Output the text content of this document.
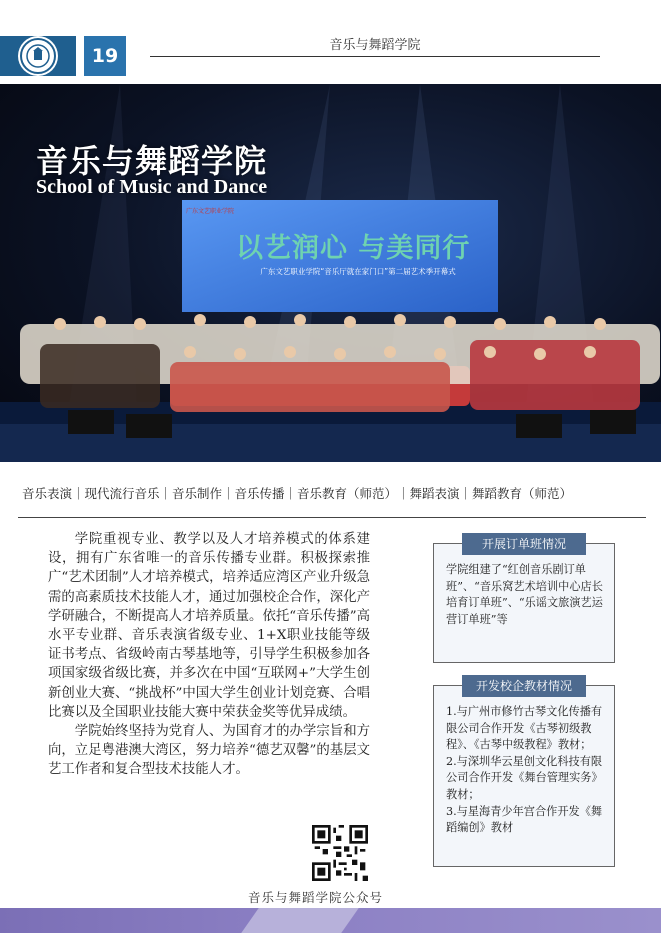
19	音乐与舞蹈学院
音乐与舞蹈学院
School of Music and Dance
广东文艺职业学院
以艺润心 与美同行
广东文艺职业学院“音乐厅就在家门口”第二届艺术季开幕式
音乐表演｜现代流行音乐｜音乐制作｜音乐传播｜音乐教育（师范）｜舞蹈表演｜舞蹈教育（师范）

学院重视专业、教学以及人才培养模式的体系建设，拥有广东省唯一的音乐传播专业群。积极探索推广“艺术团制”人才培养模式，培养适应湾区产业升级急需的高素质技术技能人才，通过加强校企合作，深化产学研融合，不断提高人才培养质量。依托“音乐传播”高水平专业群、音乐表演省级专业、1+X职业技能等级证书考点、省级岭南古琴基地等，引导学生积极参加各项国家级省级比赛，并多次在中国“互联网+”大学生创新创业大赛、“挑战杯”中国大学生创业计划竞赛、合唱比赛以及全国职业技能大赛中荣获金奖等优异成绩。

学院始终坚持为党育人、为国育才的办学宗旨和方向，立足粤港澳大湾区，努力培养“德艺双馨”的基层文艺工作者和复合型技术技能人才。

开展订单班情况
学院组建了“红创音乐剧订单班”、“音乐窝艺术培训中心店长培育订单班”、“乐谣文旅演艺运营订单班”等
开发校企教材情况
1.与广州市修竹古琴文化传播有限公司合作开发《古琴初级教程》、《古琴中级教程》教材；
2.与深圳华云星创文化科技有限公司合作开发《舞台管理实务》教材；
3.与星海青少年宫合作开发《舞蹈编创》教材
音乐与舞蹈学院公众号
